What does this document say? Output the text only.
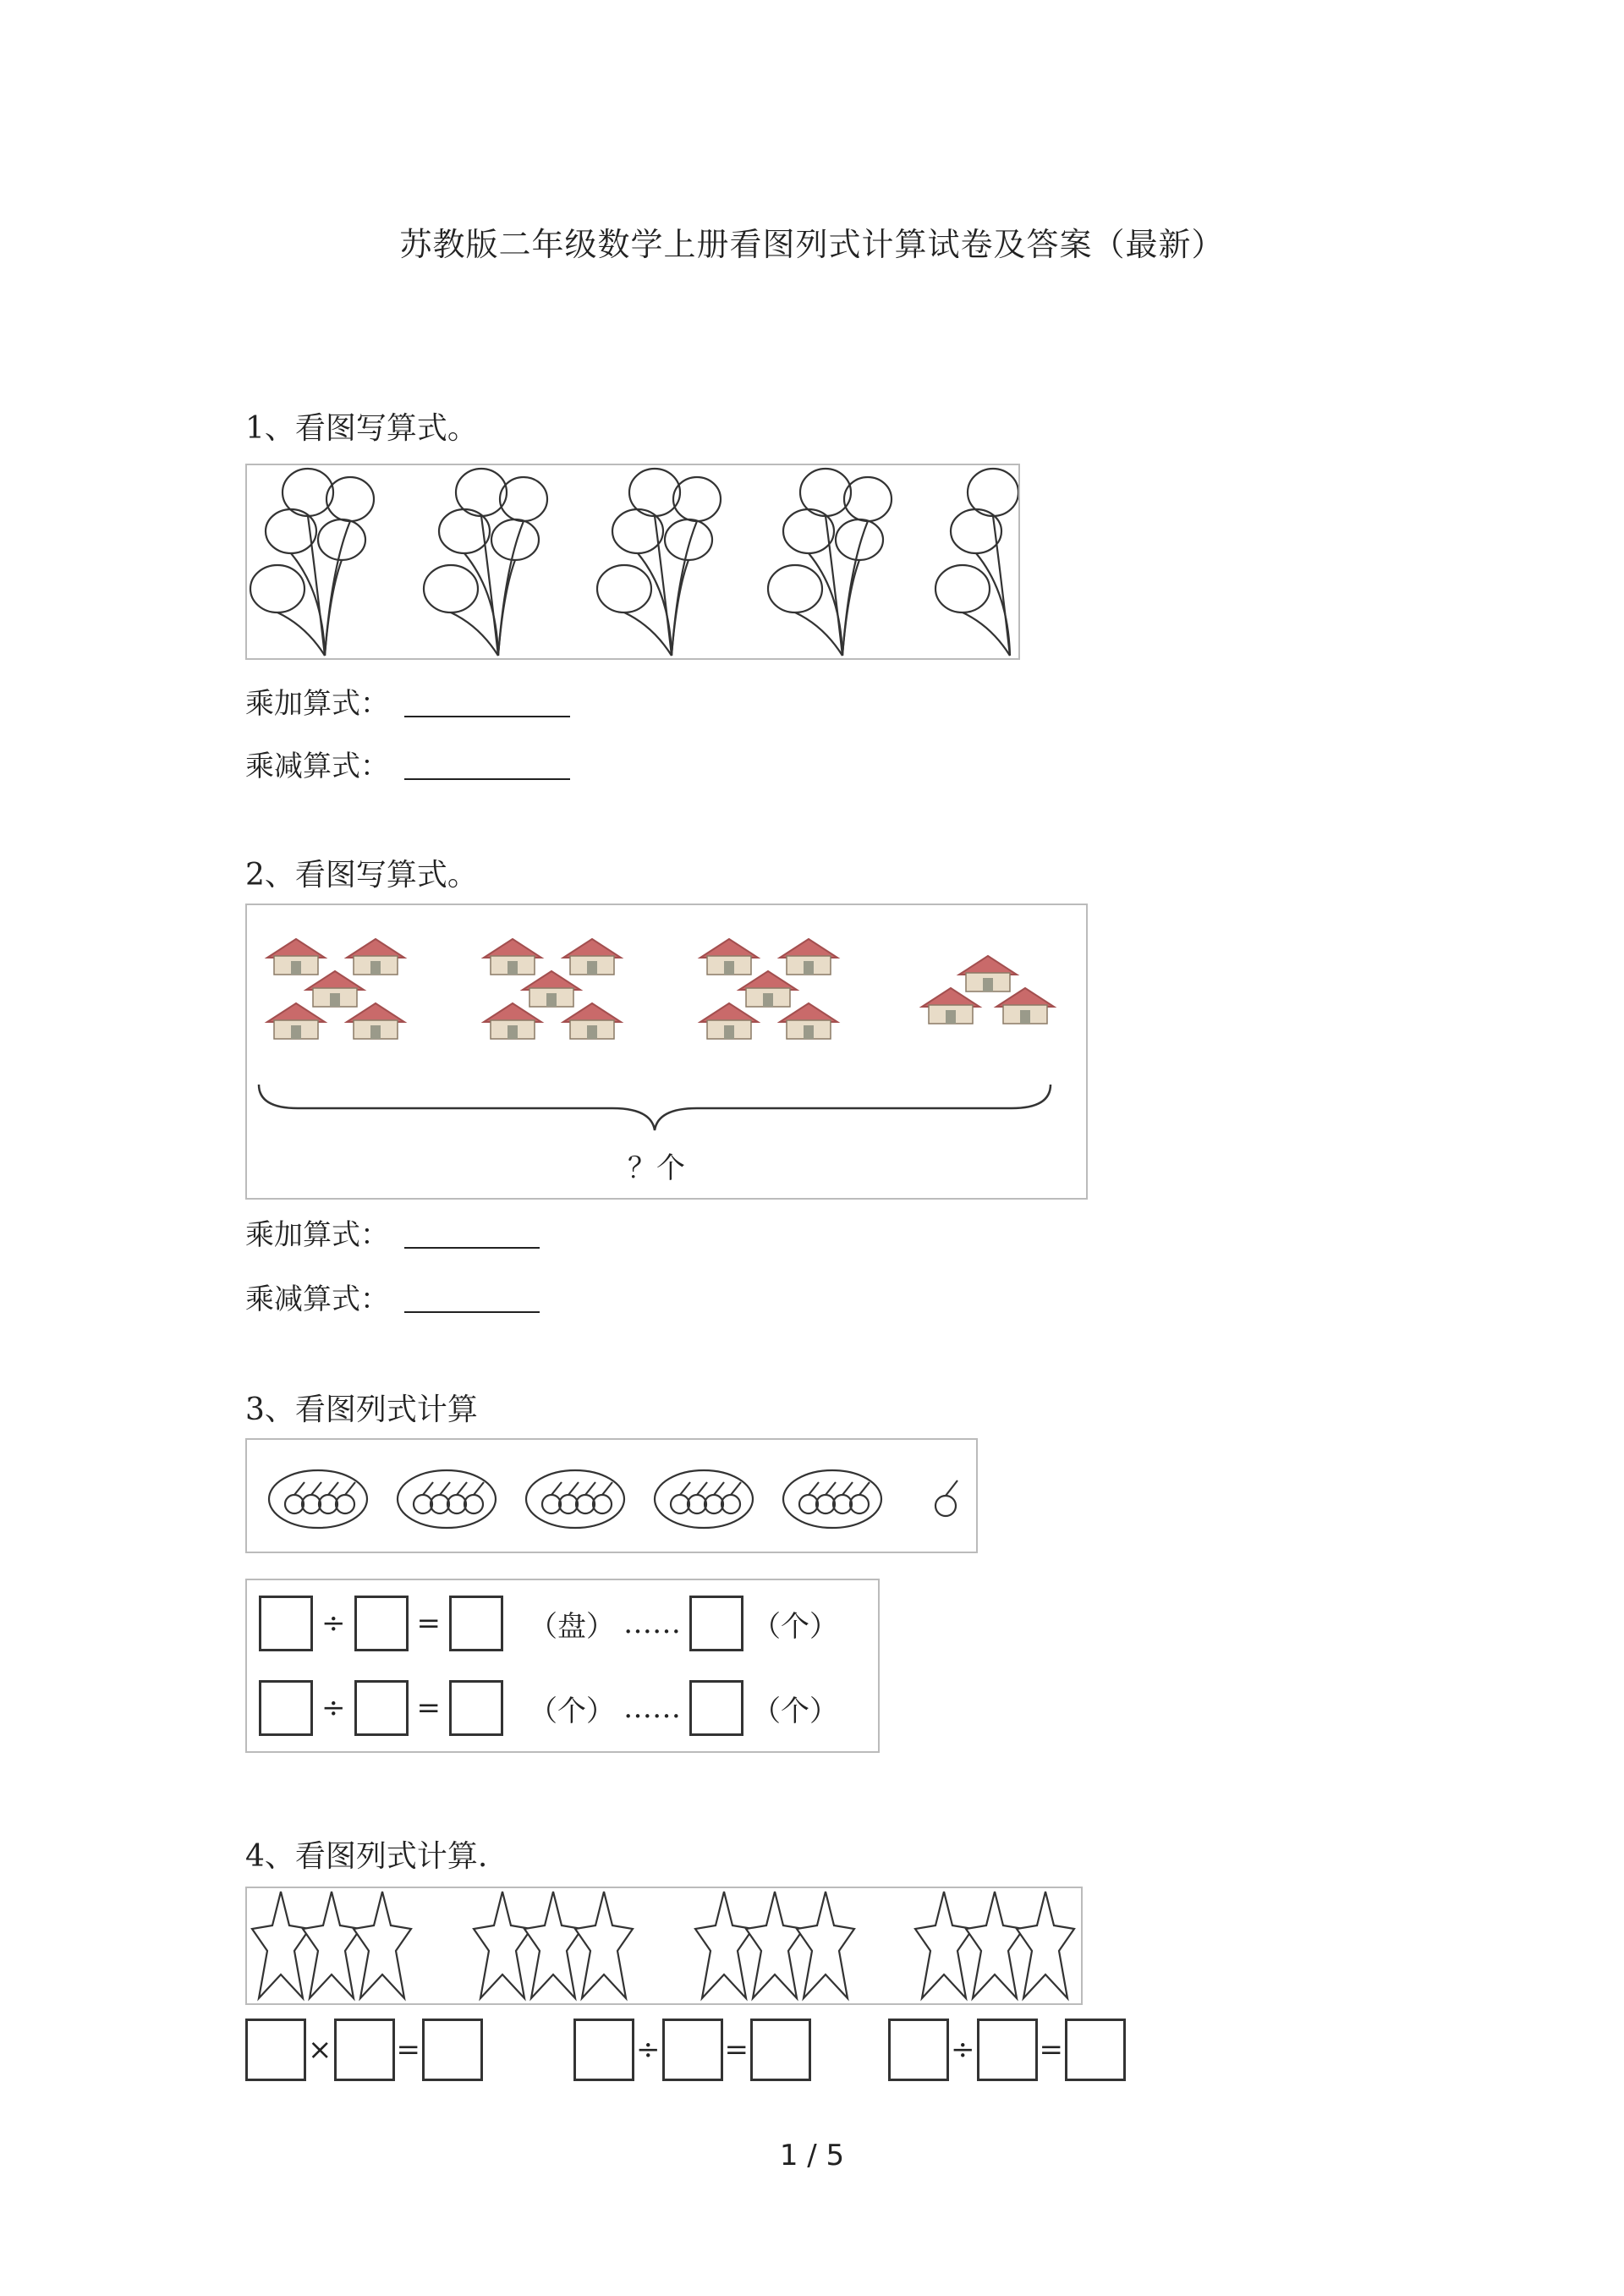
苏教版二年级数学上册看图列式计算试卷及答案（最新）
1、看图写算式。
乘加算式：
乘减算式：
2、看图写算式。
？个
乘加算式：
乘减算式：
3、看图列式计算
÷ =	（盘） …… （个）
÷ =	（个） …… （个）
4、看图列式计算.
× =	÷ =	÷ =
1 / 5
